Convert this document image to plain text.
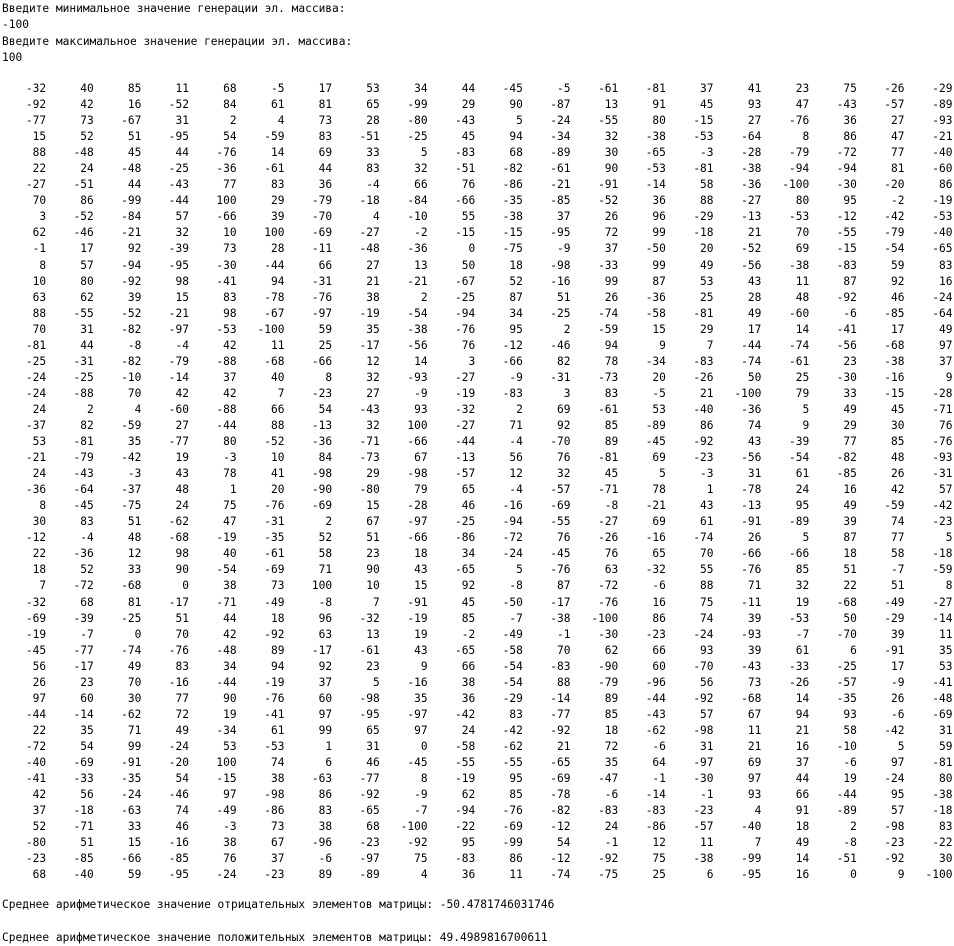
Введите минимальное значение генерации эл. массива:
-100
Введите максимальное значение генерации эл. массива:
100
-32	40	85	11	68	-5	17	53	34	44	-45	-5	-61	-81	37	41	23	75	-26	-29
-92	42	16	-52	84	61	81	65	-99	29	90	-87	13	91	45	93	47	-43	-57	-89
-77	73	-67	31	2	4	73	28	-80	-43	5	-24	-55	80	-15	27	-76	36	27	-93
15	52	51	-95	54	-59	83	-51	-25	45	94	-34	32	-38	-53	-64	8	86	47	-21
88	-48	45	44	-76	14	69	33	5	-83	68	-89	30	-65	-3	-28	-79	-72	77	-40
22	24	-48	-25	-36	-61	44	83	32	-51	-82	-61	90	-53	-81	-38	-94	-94	81	-60
-27	-51	44	-43	77	83	36	-4	66	76	-86	-21	-91	-14	58	-36	-100	-30	-20	86
70	86	-99	-44	100	29	-79	-18	-84	-66	-35	-85	-52	36	88	-27	80	95	-2	-19
3	-52	-84	57	-66	39	-70	4	-10	55	-38	37	26	96	-29	-13	-53	-12	-42	-53
62	-46	-21	32	10	100	-69	-27	-2	-15	-15	-95	72	99	-18	21	70	-55	-79	-40
-1	17	92	-39	73	28	-11	-48	-36	0	-75	-9	37	-50	20	-52	69	-15	-54	-65
8	57	-94	-95	-30	-44	66	27	13	50	18	-98	-33	99	49	-56	-38	-83	59	83
10	80	-92	98	-41	94	-31	21	-21	-67	52	-16	99	87	53	43	11	87	92	16
63	62	39	15	83	-78	-76	38	2	-25	87	51	26	-36	25	28	48	-92	46	-24
88	-55	-52	-21	98	-67	-97	-19	-54	-94	34	-25	-74	-58	-81	49	-60	-6	-85	-64
70	31	-82	-97	-53	-100	59	35	-38	-76	95	2	-59	15	29	17	14	-41	17	49
-81	44	-8	-4	42	11	25	-17	-56	76	-12	-46	94	9	7	-44	-74	-56	-68	97
-25	-31	-82	-79	-88	-68	-66	12	14	3	-66	82	78	-34	-83	-74	-61	23	-38	37
-24	-25	-10	-14	37	40	8	32	-93	-27	-9	-31	-73	20	-26	50	25	-30	-16	9
-24	-88	70	42	42	7	-23	27	-9	-19	-83	3	83	-5	21	-100	79	33	-15	-28
24	2	4	-60	-88	66	54	-43	93	-32	2	69	-61	53	-40	-36	5	49	45	-71
-37	82	-59	27	-44	88	-13	32	100	-27	71	92	85	-89	86	74	9	29	30	76
53	-81	35	-77	80	-52	-36	-71	-66	-44	-4	-70	89	-45	-92	43	-39	77	85	-76
-21	-79	-42	19	-3	10	84	-73	67	-13	56	76	-81	69	-23	-56	-54	-82	48	-93
24	-43	-3	43	78	41	-98	29	-98	-57	12	32	45	5	-3	31	61	-85	26	-31
-36	-64	-37	48	1	20	-90	-80	79	65	-4	-57	-71	78	1	-78	24	16	42	57
8	-45	-75	24	75	-76	-69	15	-28	46	-16	-69	-8	-21	43	-13	95	49	-59	-42
30	83	51	-62	47	-31	2	67	-97	-25	-94	-55	-27	69	61	-91	-89	39	74	-23
-12	-4	48	-68	-19	-35	52	51	-66	-86	-72	76	-26	-16	-74	26	5	87	77	5
22	-36	12	98	40	-61	58	23	18	34	-24	-45	76	65	70	-66	-66	18	58	-18
18	52	33	90	-54	-69	71	90	43	-65	5	-76	63	-32	55	-76	85	51	-7	-59
7	-72	-68	0	38	73	100	10	15	92	-8	87	-72	-6	88	71	32	22	51	8
-32	68	81	-17	-71	-49	-8	7	-91	45	-50	-17	-76	16	75	-11	19	-68	-49	-27
-69	-39	-25	51	44	18	96	-32	-19	85	-7	-38	-100	86	74	39	-53	50	-29	-14
-19	-7	0	70	42	-92	63	13	19	-2	-49	-1	-30	-23	-24	-93	-7	-70	39	11
-45	-77	-74	-76	-48	89	-17	-61	43	-65	-58	70	62	66	93	39	61	6	-91	35
56	-17	49	83	34	94	92	23	9	66	-54	-83	-90	60	-70	-43	-33	-25	17	53
26	23	70	-16	-44	-19	37	5	-16	38	-54	88	-79	-96	56	73	-26	-57	-9	-41
97	60	30	77	90	-76	60	-98	35	36	-29	-14	89	-44	-92	-68	14	-35	26	-48
-44	-14	-62	72	19	-41	97	-95	-97	-42	83	-77	85	-43	57	67	94	93	-6	-69
22	35	71	49	-34	61	99	65	97	24	-42	-92	18	-62	-98	11	21	58	-42	31
-72	54	99	-24	53	-53	1	31	0	-58	-62	21	72	-6	31	21	16	-10	5	59
-40	-69	-91	-20	100	74	6	46	-45	-55	-55	-65	35	64	-97	69	37	-6	97	-81
-41	-33	-35	54	-15	38	-63	-77	8	-19	95	-69	-47	-1	-30	97	44	19	-24	80
42	56	-24	-46	97	-98	86	-92	-9	62	85	-78	-6	-14	-1	93	66	-44	95	-38
37	-18	-63	74	-49	-86	83	-65	-7	-94	-76	-82	-83	-83	-23	4	91	-89	57	-18
52	-71	33	46	-3	73	38	68	-100	-22	-69	-12	24	-86	-57	-40	18	2	-98	83
-80	51	15	-16	38	67	-96	-23	-92	95	-99	54	-1	12	11	7	49	-8	-23	-22
-23	-85	-66	-85	76	37	-6	-97	75	-83	86	-12	-92	75	-38	-99	14	-51	-92	30
68	-40	59	-95	-24	-23	89	-89	4	36	11	-74	-75	25	6	-95	16	0	9	-100
Среднее арифметическое значение отрицательных элементов матрицы: -50.4781746031746
Среднее арифметическое значение положительных элементов матрицы: 49.4989816700611
